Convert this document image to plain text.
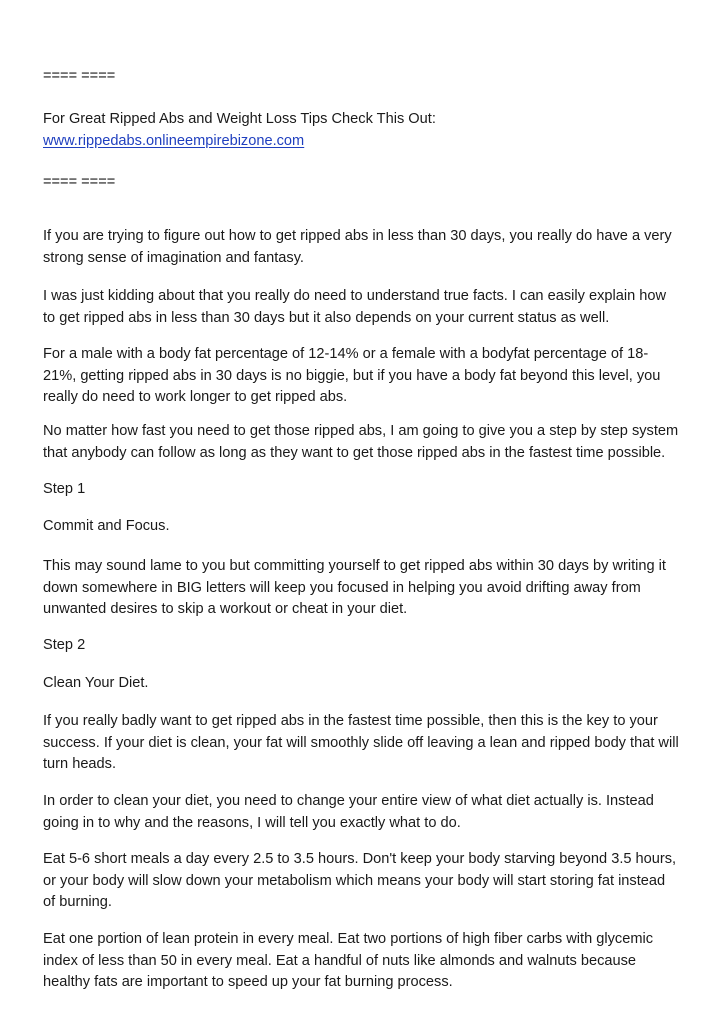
==== ====

For Great Ripped Abs and Weight Loss Tips Check This Out:
www.rippedabs.onlineempirebizone.com

==== ====

If you are trying to figure out how to get ripped abs in less than 30 days, you really do have a very
strong sense of imagination and fantasy.

I was just kidding about that you really do need to understand true facts. I can easily explain how
to get ripped abs in less than 30 days but it also depends on your current status as well.

For a male with a body fat percentage of 12-14% or a female with a bodyfat percentage of 18-
21%, getting ripped abs in 30 days is no biggie, but if you have a body fat beyond this level, you
really do need to work longer to get ripped abs.

No matter how fast you need to get those ripped abs, I am going to give you a step by step system
that anybody can follow as long as they want to get those ripped abs in the fastest time possible.

Step 1

Commit and Focus.

This may sound lame to you but committing yourself to get ripped abs within 30 days by writing it
down somewhere in BIG letters will keep you focused in helping you avoid drifting away from
unwanted desires to skip a workout or cheat in your diet.

Step 2

Clean Your Diet.

If you really badly want to get ripped abs in the fastest time possible, then this is the key to your
success. If your diet is clean, your fat will smoothly slide off leaving a lean and ripped body that will
turn heads.

In order to clean your diet, you need to change your entire view of what diet actually is. Instead
going in to why and the reasons, I will tell you exactly what to do.

Eat 5-6 short meals a day every 2.5 to 3.5 hours. Don't keep your body starving beyond 3.5 hours,
or your body will slow down your metabolism which means your body will start storing fat instead
of burning.

Eat one portion of lean protein in every meal. Eat two portions of high fiber carbs with glycemic
index of less than 50 in every meal. Eat a handful of nuts like almonds and walnuts because
healthy fats are important to speed up your fat burning process.
